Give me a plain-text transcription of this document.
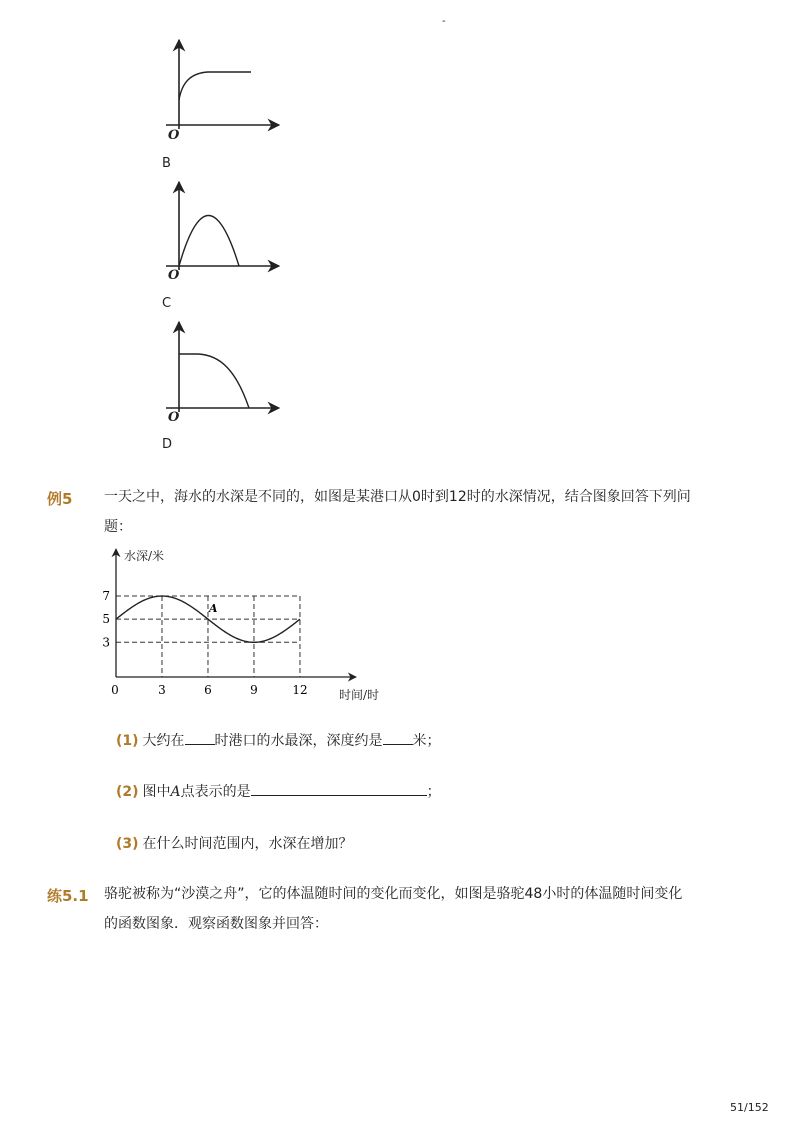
-
O
B
O
C
O
D
例5 一天之中，海水的水深是不同的，如图是某港口从0时到12时的水深情况，结合图象回答下列问
题：
3
5
7
0	3	6	9	12
A
水深/米
时间/时
(1) 大约在 时港口的水最深，深度约是 米；
(2) 图中A点表示的是	；
(3) 在什么时间范围内，水深在增加？
练5.1 骆驼被称为“沙漠之舟”，它的体温随时间的变化而变化，如图是骆驼48小时的体温随时间变化
的函数图象．观察函数图象并回答：
51/152
